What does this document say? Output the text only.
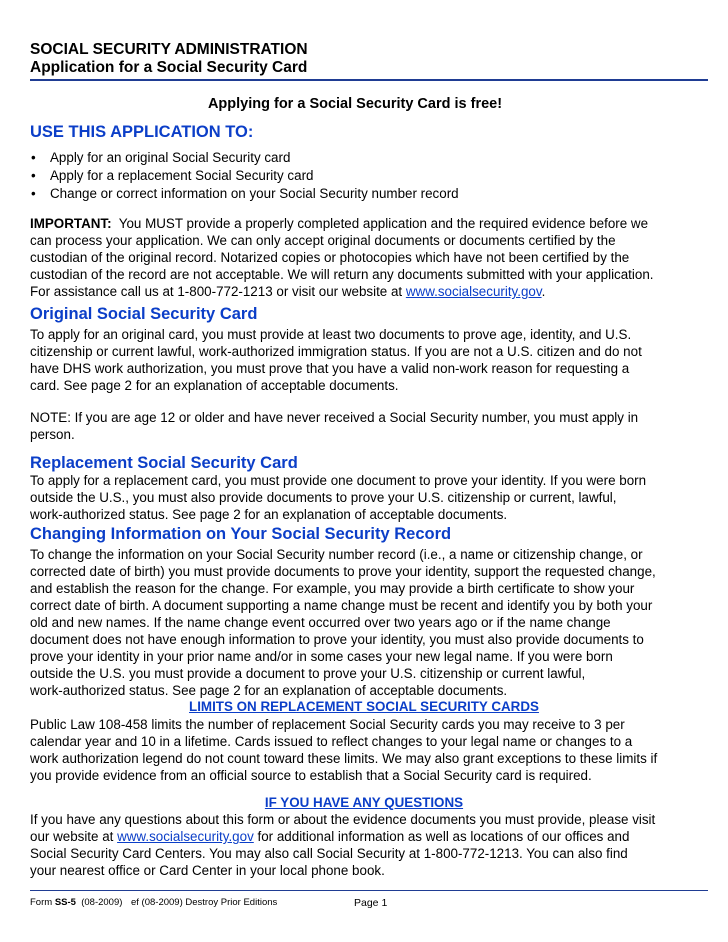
SOCIAL SECURITY ADMINISTRATION
Application for a Social Security Card
Applying for a Social Security Card is free!
USE THIS APPLICATION TO:
• Apply for an original Social Security card
• Apply for a replacement Social Security card
• Change or correct information on your Social Security number record
IMPORTANT:  You MUST provide a properly completed application and the required evidence before we
can process your application. We can only accept original documents or documents certified by the
custodian of the original record. Notarized copies or photocopies which have not been certified by the
custodian of the record are not acceptable. We will return any documents submitted with your application.
For assistance call us at 1-800-772-1213 or visit our website at www.socialsecurity.gov.
Original Social Security Card
To apply for an original card, you must provide at least two documents to prove age, identity, and U.S.
citizenship or current lawful, work-authorized immigration status. If you are not a U.S. citizen and do not
have DHS work authorization, you must prove that you have a valid non-work reason for requesting a
card. See page 2 for an explanation of acceptable documents.
NOTE: If you are age 12 or older and have never received a Social Security number, you must apply in
person.
Replacement Social Security Card
To apply for a replacement card, you must provide one document to prove your identity. If you were born
outside the U.S., you must also provide documents to prove your U.S. citizenship or current, lawful,
work-authorized status. See page 2 for an explanation of acceptable documents.
Changing Information on Your Social Security Record
To change the information on your Social Security number record (i.e., a name or citizenship change, or
corrected date of birth) you must provide documents to prove your identity, support the requested change,
and establish the reason for the change. For example, you may provide a birth certificate to show your
correct date of birth. A document supporting a name change must be recent and identify you by both your
old and new names. If the name change event occurred over two years ago or if the name change
document does not have enough information to prove your identity, you must also provide documents to
prove your identity in your prior name and/or in some cases your new legal name. If you were born
outside the U.S. you must provide a document to prove your U.S. citizenship or current lawful,
work-authorized status. See page 2 for an explanation of acceptable documents.
LIMITS ON REPLACEMENT SOCIAL SECURITY CARDS
Public Law 108-458 limits the number of replacement Social Security cards you may receive to 3 per
calendar year and 10 in a lifetime. Cards issued to reflect changes to your legal name or changes to a
work authorization legend do not count toward these limits. We may also grant exceptions to these limits if
you provide evidence from an official source to establish that a Social Security card is required.
IF YOU HAVE ANY QUESTIONS
If you have any questions about this form or about the evidence documents you must provide, please visit
our website at www.socialsecurity.gov for additional information as well as locations of our offices and
Social Security Card Centers. You may also call Social Security at 1-800-772-1213. You can also find
your nearest office or Card Center in your local phone book.
Form SS-5  (08-2009) ef (08-2009) Destroy Prior Editions	Page 1
